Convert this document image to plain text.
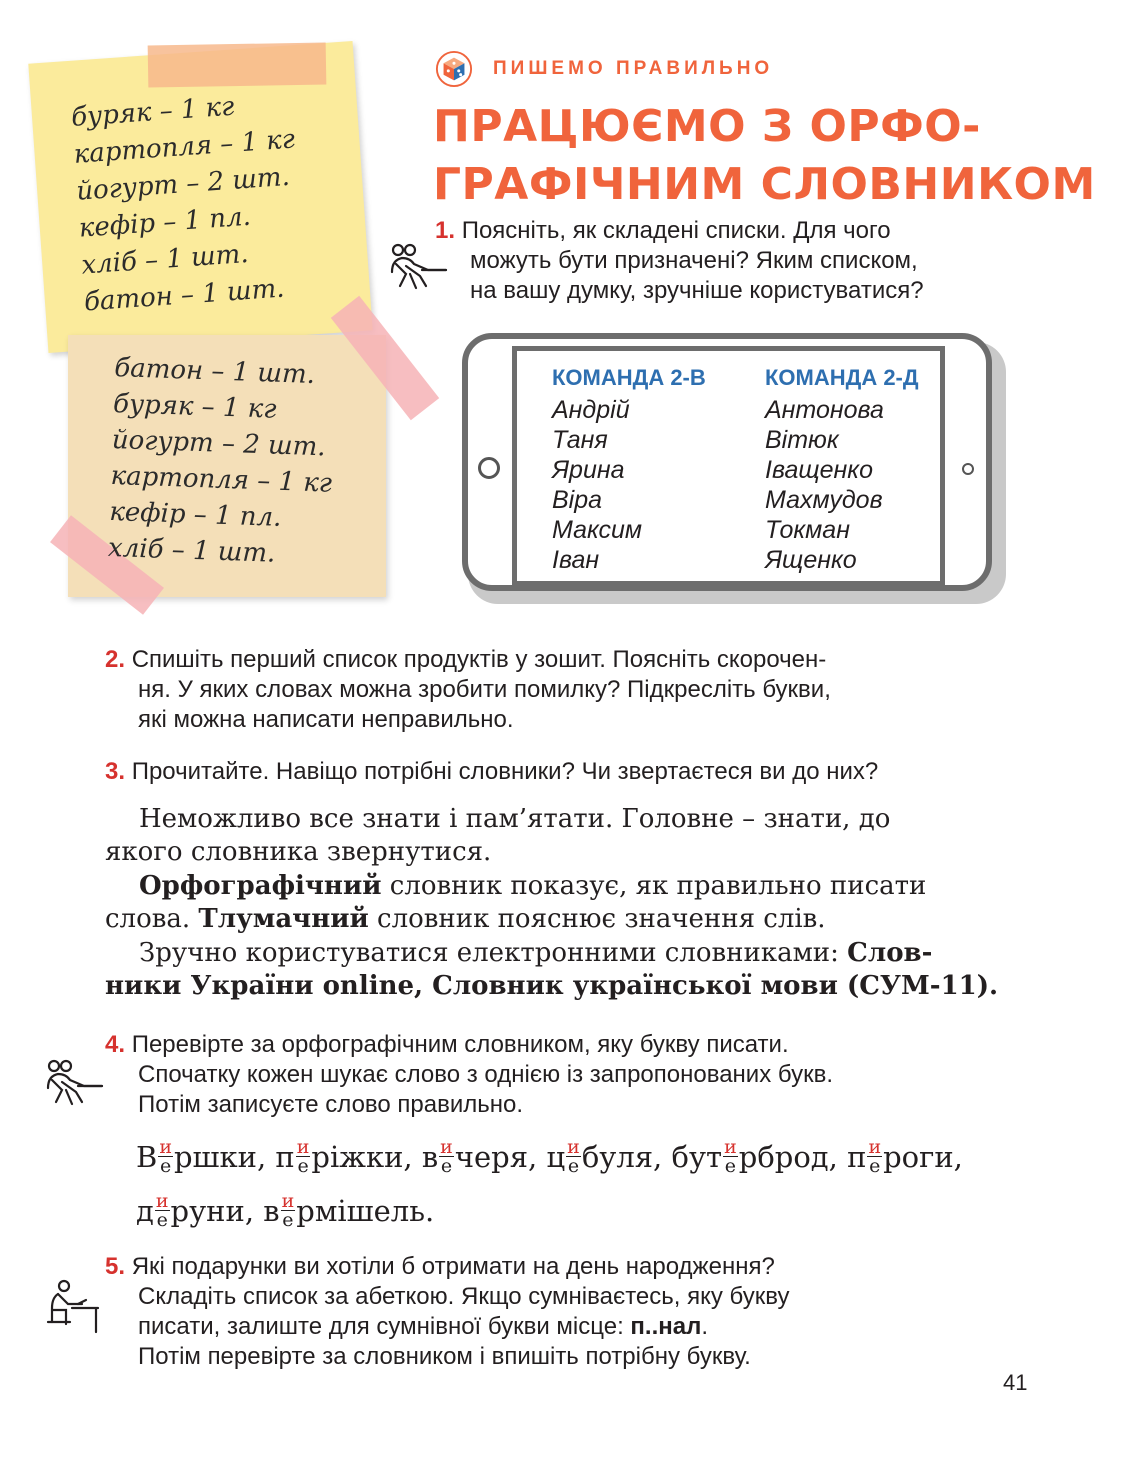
буряк – 1 кг
картопля – 1 кг
йогурт – 2 шт.
кефір – 1 пл.
хліб – 1 шт.
батон – 1 шт.
батон – 1 шт.
буряк – 1 кг
йогурт – 2 шт.
картопля – 1 кг
кефір – 1 пл.
хліб – 1 шт.
ПИШЕМО ПРАВИЛЬНО
ПРАЦЮЄМО З ОРФО-
ГРАФІЧНИМ СЛОВНИКОМ
1. Поясніть, як складені списки. Для чого
можуть бути призначені? Яким списком,
на вашу думку, зручніше користуватися?
КОМАНДА 2-В
Андрій
Таня
Ярина
Віра
Максим
Іван
КОМАНДА 2-Д
Антонова
Вітюк
Іващенко
Махмудов
Токман
Ященко
2. Спишіть перший список продуктів у зошит. Поясніть скорочен-
ня. У яких словах можна зробити помилку? Підкресліть букви,
які можна написати неправильно.
3. Прочитайте. Навіщо потрібні словники? Чи звертаєтеся ви до них?
Неможливо все знати і пам’ятати. Головне – знати, до
якого словника звернутися.
Орфографічний словник показує, як правильно писати
слова. Тлумачний словник пояснює значення слів.
Зручно користуватися електронними словниками: Слов-
ники України online, Словник української мови (СУМ-11).
4. Перевірте за орфографічним словником, яку букву писати.
Спочатку кожен шукає слово з однією із запропонованих букв.
Потім записуєте слово правильно.
В $\frac{и}{е}$ ршки, п $\frac{и}{е}$ ріжки, в $\frac{и}{е}$ черя, ц $\frac{и}{е}$ буля, бут $\frac{и}{е}$ рброд, п $\frac{и}{е}$ роги,
д $\frac{и}{е}$ руни, в $\frac{и}{е}$ рмішель.
5. Які подарунки ви хотіли б отримати на день народження?
Складіть список за абеткою. Якщо сумніваєтесь, яку букву
писати, залиште для сумнівної букви місце: п..нал.
Потім перевірте за словником і впишіть потрібну букву.
41
